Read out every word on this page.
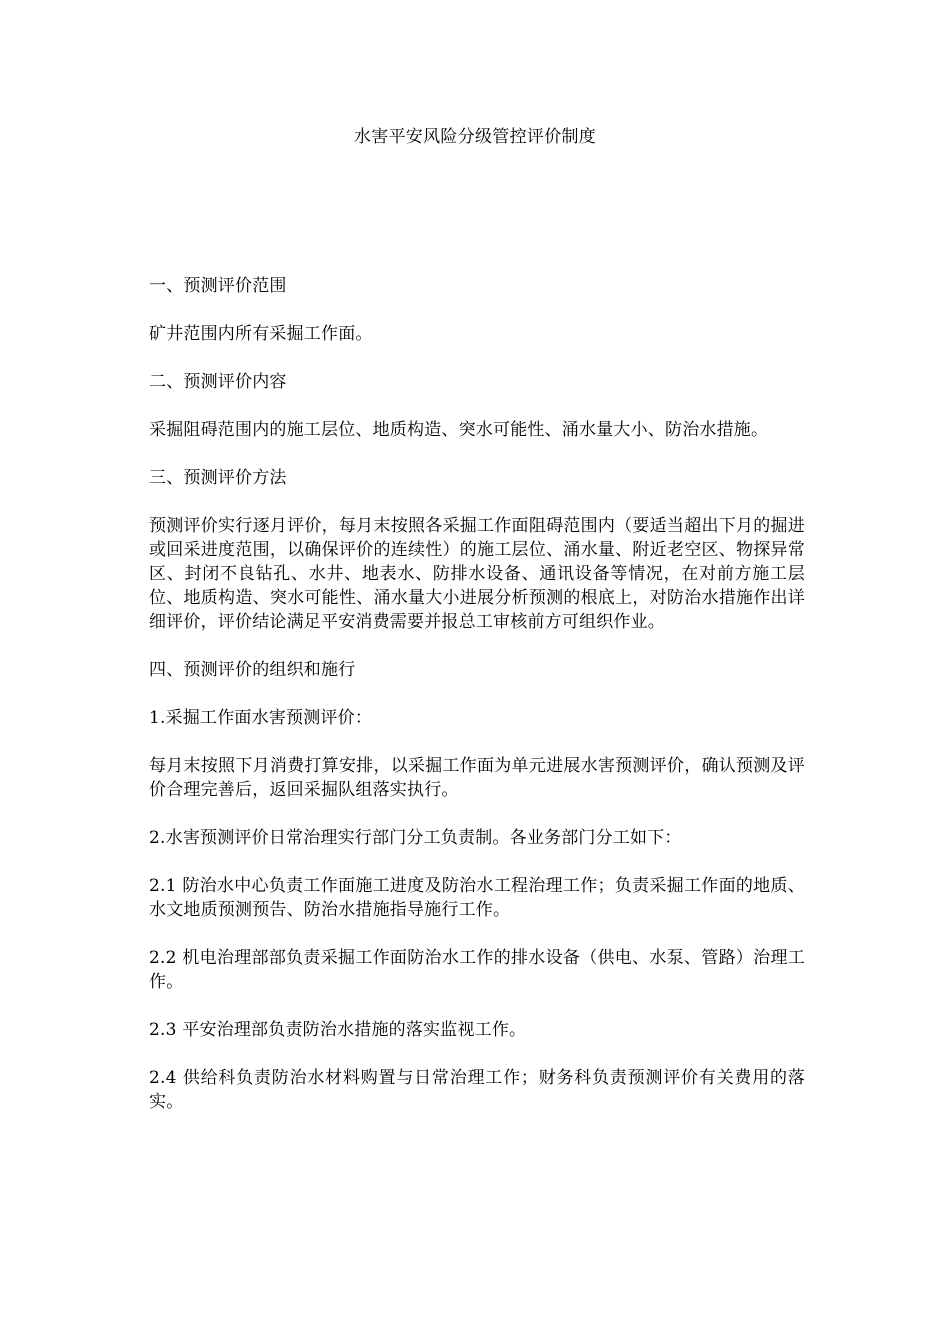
水害平安风险分级管控评价制度

一、预测评价范围

矿井范围内所有采掘工作面。

二、预测评价内容

采掘阻碍范围内的施工层位、地质构造、突水可能性、涌水量大小、防治水措施。

三、预测评价方法

预测评价实行逐月评价，每月末按照各采掘工作面阻碍范围内（要适当超出下月的掘进或回采进度范围，以确保评价的连续性）的施工层位、涌水量、附近老空区、物探异常区、封闭不良钻孔、水井、地表水、防排水设备、通讯设备等情况，在对前方施工层位、地质构造、突水可能性、涌水量大小进展分析预测的根底上，对防治水措施作出详细评价，评价结论满足平安消费需要并报总工审核前方可组织作业。

四、预测评价的组织和施行

1.采掘工作面水害预测评价：

每月末按照下月消费打算安排，以采掘工作面为单元进展水害预测评价，确认预测及评价合理完善后，返回采掘队组落实执行。

2.水害预测评价日常治理实行部门分工负责制。各业务部门分工如下：

2.1 防治水中心负责工作面施工进度及防治水工程治理工作；负责采掘工作面的地质、水文地质预测预告、防治水措施指导施行工作。

2.2 机电治理部部负责采掘工作面防治水工作的排水设备（供电、水泵、管路）治理工作。

2.3 平安治理部负责防治水措施的落实监视工作。

2.4 供给科负责防治水材料购置与日常治理工作；财务科负责预测评价有关费用的落实。
